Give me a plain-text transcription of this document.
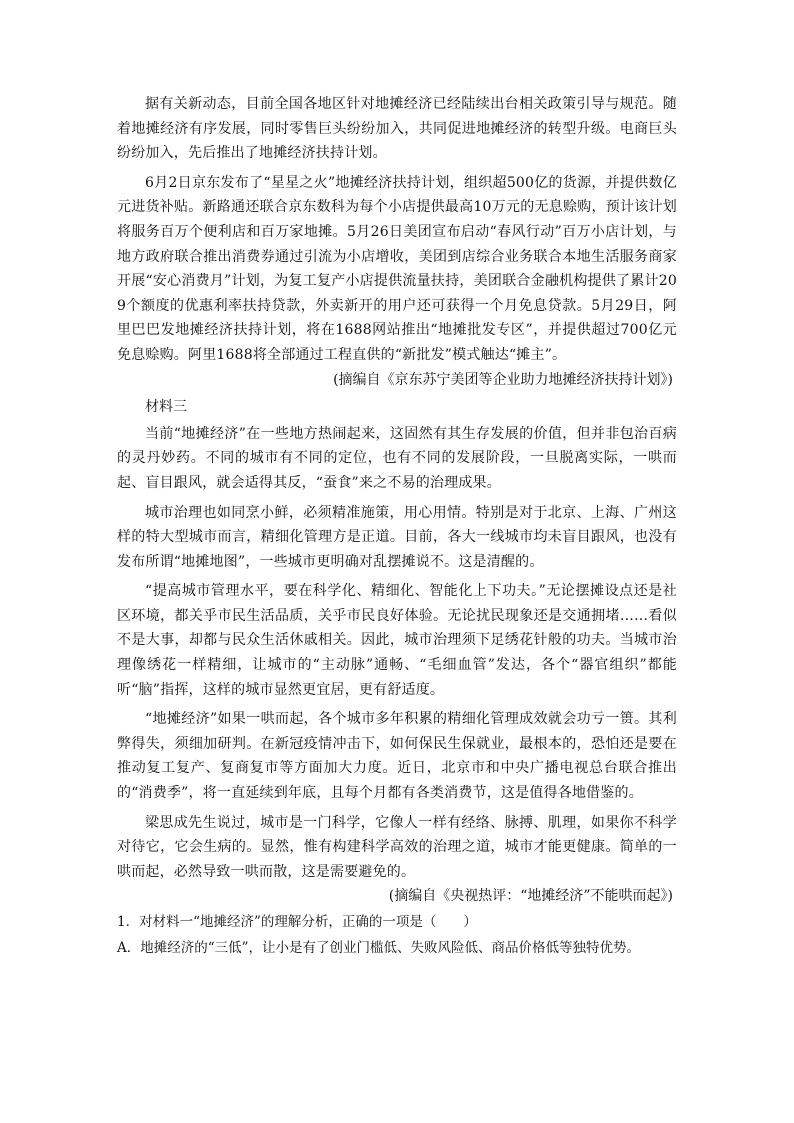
据有关新动态，目前全国各地区针对地摊经济已经陆续出台相关政策引导与规范。随着地摊经济有序发展，同时零售巨头纷纷加入，共同促进地摊经济的转型升级。电商巨头纷纷加入，先后推出了地摊经济扶持计划。

6月2日京东发布了“星星之火”地摊经济扶持计划，组织超500亿的货源，并提供数亿元进货补贴。新路通还联合京东数科为每个小店提供最高10万元的无息赊购，预计该计划将服务百万个便利店和百万家地摊。5月26日美团宣布启动“春风行动”百万小店计划，与地方政府联合推出消费券通过引流为小店增收，美团到店综合业务联合本地生活服务商家开展“安心消费月”计划，为复工复产小店提供流量扶持，美团联合金融机构提供了累计209个额度的优惠利率扶持贷款，外卖新开的用户还可获得一个月免息贷款。5月29日，阿里巴巴发地摊经济扶持计划，将在1688网站推出“地摊批发专区”，并提供超过700亿元免息赊购。阿里1688将全部通过工程直供的“新批发”模式触达“摊主”。

(摘编自《京东苏宁美团等企业助力地摊经济扶持计划》)

材料三

当前“地摊经济”在一些地方热闹起来，这固然有其生存发展的价值，但并非包治百病的灵丹妙药。不同的城市有不同的定位，也有不同的发展阶段，一旦脱离实际，一哄而起、盲目跟风，就会适得其反，“蚕食”来之不易的治理成果。

城市治理也如同烹小鲜，必须精准施策，用心用情。特别是对于北京、上海、广州这样的特大型城市而言，精细化管理方是正道。目前，各大一线城市均未盲目跟风，也没有发布所谓“地摊地图”，一些城市更明确对乱摆摊说不。这是清醒的。

“提高城市管理水平，要在科学化、精细化、智能化上下功夫。”无论摆摊设点还是社区环境，都关乎市民生活品质，关乎市民良好体验。无论扰民现象还是交通拥堵……看似不是大事，却都与民众生活休戚相关。因此，城市治理须下足绣花针般的功夫。当城市治理像绣花一样精细，让城市的“主动脉”通畅、“毛细血管”发达，各个“器官组织”都能听“脑”指挥，这样的城市显然更宜居，更有舒适度。

“地摊经济”如果一哄而起，各个城市多年积累的精细化管理成效就会功亏一篑。其利弊得失，须细加研判。在新冠疫情冲击下，如何保民生保就业，最根本的，恐怕还是要在推动复工复产、复商复市等方面加大力度。近日，北京市和中央广播电视总台联合推出的“消费季”，将一直延续到年底，且每个月都有各类消费节，这是值得各地借鉴的。

梁思成先生说过，城市是一门科学，它像人一样有经络、脉搏、肌理，如果你不科学对待它，它会生病的。显然，惟有构建科学高效的治理之道，城市才能更健康。简单的一哄而起，必然导致一哄而散，这是需要避免的。

(摘编自《央视热评：“地摊经济”不能哄而起》)

1．对材料一“地摊经济”的理解分析，正确的一项是（　　）

A．地摊经济的“三低”，让小是有了创业门槛低、失败风险低、商品价格低等独特优势。
